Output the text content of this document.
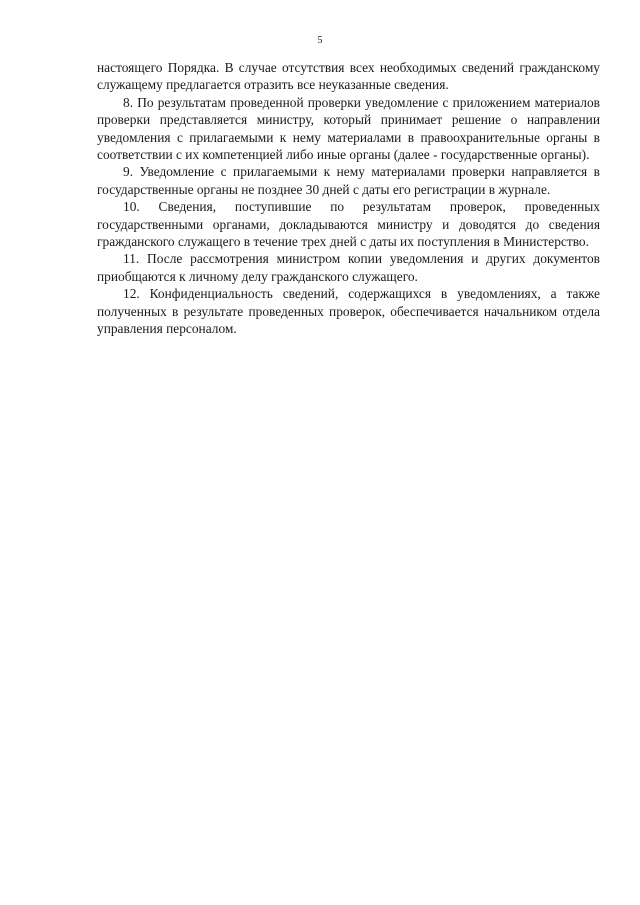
5

настоящего Порядка. В случае отсутствия всех необходимых сведений гражданскому служащему предлагается отразить все неуказанные сведения.

8. По результатам проведенной проверки уведомление с приложением материалов проверки представляется министру, который принимает решение о направлении уведомления с прилагаемыми к нему материалами в правоохранительные органы в соответствии с их компетенцией либо иные органы (далее - государственные органы).

9. Уведомление с прилагаемыми к нему материалами проверки направляется в государственные органы не позднее 30 дней с даты его регистрации в журнале.

10. Сведения, поступившие по результатам проверок, проведенных государственными органами, докладываются министру и доводятся до сведения гражданского служащего в течение трех дней с даты их поступления в Министерство.

11. После рассмотрения министром копии уведомления и других документов приобщаются к личному делу гражданского служащего.

12. Конфиденциальность сведений, содержащихся в уведомлениях, а также полученных в результате проведенных проверок, обеспечивается начальником отдела управления персоналом.
